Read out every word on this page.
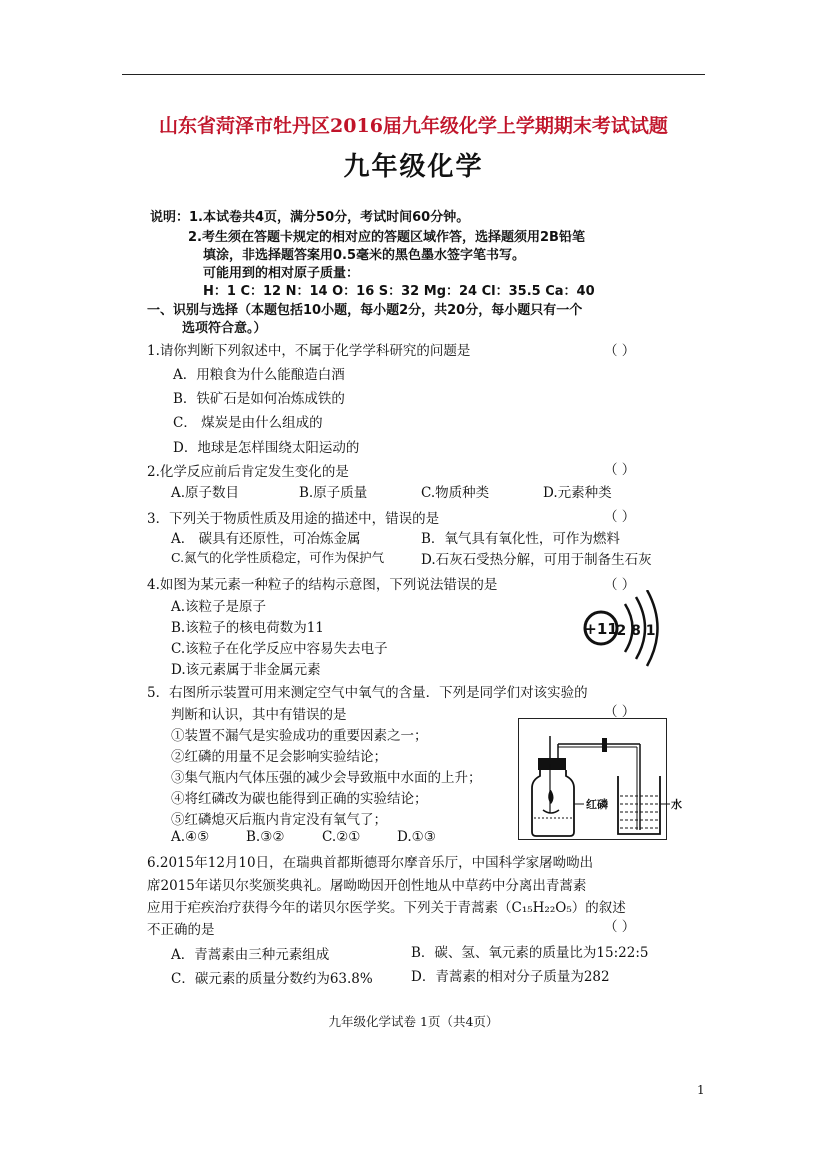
山东省菏泽市牡丹区2016届九年级化学上学期期末考试试题
九年级化学
说明：1.本试卷共4页，满分50分，考试时间60分钟。
2.考生须在答题卡规定的相对应的答题区域作答，选择题须用2B铅笔
填涂，非选择题答案用0.5毫米的黑色墨水签字笔书写。
可能用到的相对原子质量：
H：1 C：12 N：14 O：16 S：32 Mg：24 Cl：35.5 Ca：40
一、识别与选择（本题包括10小题，每小题2分，共20分，每小题只有一个
选项符合意。）
1.请你判断下列叙述中，不属于化学学科研究的问题是	（ ）
A．用粮食为什么能酿造白酒
B．铁矿石是如何冶炼成铁的
C． 煤炭是由什么组成的
D．地球是怎样围绕太阳运动的
2.化学反应前后肯定发生变化的是	（ ）
A.原子数目	B.原子质量	C.物质种类	D.元素种类
3．下列关于物质性质及用途的描述中，错误的是	（ ）
A． 碳具有还原性，可冶炼金属	B．氧气具有氧化性，可作为燃料
C.氮气的化学性质稳定，可作为保护气	D.石灰石受热分解，可用于制备生石灰
4.如图为某元素一种粒子的结构示意图，下列说法错误的是	（ ）
A.该粒子是原子
B.该粒子的核电荷数为11
C.该粒子在化学反应中容易失去电子
D.该元素属于非金属元素
+11
2 8 1
5．右图所示装置可用来测定空气中氧气的含量．下列是同学们对该实验的
判断和认识，其中有错误的是	（ ）
①装置不漏气是实验成功的重要因素之一；
②红磷的用量不足会影响实验结论；
③集气瓶内气体压强的减少会导致瓶中水面的上升；
④将红磷改为碳也能得到正确的实验结论；
⑤红磷熄灭后瓶内肯定没有氧气了；
A.④⑤	B.③②	C.②①	D.①③
红磷	水
6.2015年12月10日，在瑞典首都斯德哥尔摩音乐厅，中国科学家屠呦呦出
席2015年诺贝尔奖颁奖典礼。屠呦呦因开创性地从中草药中分离出青蒿素
应用于疟疾治疗获得今年的诺贝尔医学奖。下列关于青蒿素（C₁₅H₂₂O₅）的叙述
不正确的是	（ ）
A．青蒿素由三种元素组成	B．碳、氢、氧元素的质量比为15:22:5
C．碳元素的质量分数约为63.8%	D．青蒿素的相对分子质量为282
九年级化学试卷 1页（共4页）
1
